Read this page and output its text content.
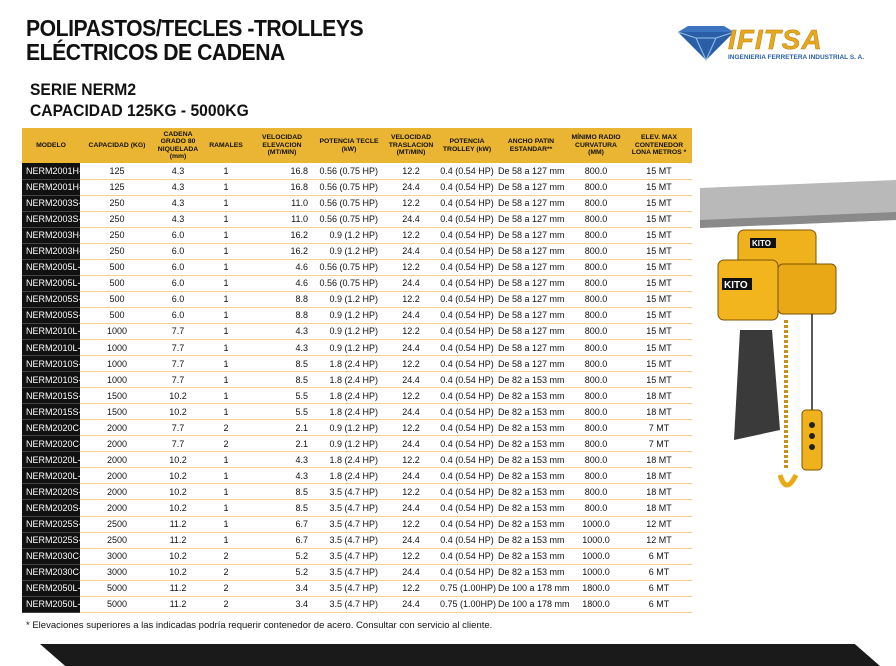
POLIPASTOS/TECLES -TROLLEYS
ELÉCTRICOS DE CADENA
SERIE NERM2
CAPACIDAD 125KG - 5000KG
IFITSA
INGENIERIA FERRETERA INDUSTRIAL S. A.
MODELO	CAPACIDAD (KG)	CADENA GRADO 80 NIQUELADA (mm)	RAMALES	VELOCIDAD ELEVACION (MT/MIN)	POTENCIA TECLE (kW)	VELOCIDAD TRASLACION (MT/MIN)	POTENCIA TROLLEY (kW)	ANCHO PATIN ESTANDAR**	MÍNIMO RADIO CURVATURA (MM)	ELEV. MAX CONTENEDOR LONA METROS *
NERM2001H-L	125	4.3	1	16.8	0.56 (0.75 HP)	12.2	0.4 (0.54 HP)	De 58 a 127 mm	800.0	15 MT
NERM2001H-S	125	4.3	1	16.8	0.56 (0.75 HP)	24.4	0.4 (0.54 HP)	De 58 a 127 mm	800.0	15 MT
NERM2003S-L	250	4.3	1	11.0	0.56 (0.75 HP)	12.2	0.4 (0.54 HP)	De 58 a 127 mm	800.0	15 MT
NERM2003S-S	250	4.3	1	11.0	0.56 (0.75 HP)	24.4	0.4 (0.54 HP)	De 58 a 127 mm	800.0	15 MT
NERM2003H-L	250	6.0	1	16.2	0.9 (1.2 HP)	12.2	0.4 (0.54 HP)	De 58 a 127 mm	800.0	15 MT
NERM2003H-S	250	6.0	1	16.2	0.9 (1.2 HP)	24.4	0.4 (0.54 HP)	De 58 a 127 mm	800.0	15 MT
NERM2005L-L	500	6.0	1	4.6	0.56 (0.75 HP)	12.2	0.4 (0.54 HP)	De 58 a 127 mm	800.0	15 MT
NERM2005L-S	500	6.0	1	4.6	0.56 (0.75 HP)	24.4	0.4 (0.54 HP)	De 58 a 127 mm	800.0	15 MT
NERM2005S-L	500	6.0	1	8.8	0.9 (1.2 HP)	12.2	0.4 (0.54 HP)	De 58 a 127 mm	800.0	15 MT
NERM2005S-S	500	6.0	1	8.8	0.9 (1.2 HP)	24.4	0.4 (0.54 HP)	De 58 a 127 mm	800.0	15 MT
NERM2010L-L	1000	7.7	1	4.3	0.9 (1.2 HP)	12.2	0.4 (0.54 HP)	De 58 a 127 mm	800.0	15 MT
NERM2010L-S	1000	7.7	1	4.3	0.9 (1.2 HP)	24.4	0.4 (0.54 HP)	De 58 a 127 mm	800.0	15 MT
NERM2010S-L	1000	7.7	1	8.5	1.8 (2.4 HP)	12.2	0.4 (0.54 HP)	De 58 a 127 mm	800.0	15 MT
NERM2010S-S	1000	7.7	1	8.5	1.8 (2.4 HP)	24.4	0.4 (0.54 HP)	De 82 a 153 mm	800.0	15 MT
NERM2015S-L	1500	10.2	1	5.5	1.8 (2.4 HP)	12.2	0.4 (0.54 HP)	De 82 a 153 mm	800.0	18 MT
NERM2015S-S	1500	10.2	1	5.5	1.8 (2.4 HP)	24.4	0.4 (0.54 HP)	De 82 a 153 mm	800.0	18 MT
NERM2020C-L	2000	7.7	2	2.1	0.9 (1.2 HP)	12.2	0.4 (0.54 HP)	De 82 a 153 mm	800.0	7 MT
NERM2020C-S	2000	7.7	2	2.1	0.9 (1.2 HP)	24.4	0.4 (0.54 HP)	De 82 a 153 mm	800.0	7 MT
NERM2020L-L	2000	10.2	1	4.3	1.8 (2.4 HP)	12.2	0.4 (0.54 HP)	De 82 a 153 mm	800.0	18 MT
NERM2020L-S	2000	10.2	1	4.3	1.8 (2.4 HP)	24.4	0.4 (0.54 HP)	De 82 a 153 mm	800.0	18 MT
NERM2020S-L	2000	10.2	1	8.5	3.5 (4.7 HP)	12.2	0.4 (0.54 HP)	De 82 a 153 mm	800.0	18 MT
NERM2020S-S	2000	10.2	1	8.5	3.5 (4.7 HP)	24.4	0.4 (0.54 HP)	De 82 a 153 mm	800.0	18 MT
NERM2025S-L	2500	11.2	1	6.7	3.5 (4.7 HP)	12.2	0.4 (0.54 HP)	De 82 a 153 mm	1000.0	12 MT
NERM2025S-S	2500	11.2	1	6.7	3.5 (4.7 HP)	24.4	0.4 (0.54 HP)	De 82 a 153 mm	1000.0	12 MT
NERM2030C-L	3000	10.2	2	5.2	3.5 (4.7 HP)	12.2	0.4 (0.54 HP)	De 82 a 153 mm	1000.0	6 MT
NERM2030C-S	3000	10.2	2	5.2	3.5 (4.7 HP)	24.4	0.4 (0.54 HP)	De 82 a 153 mm	1000.0	6 MT
NERM2050L-L	5000	11.2	2	3.4	3.5 (4.7 HP)	12.2	0.75 (1.00HP)	De 100 a 178 mm	1800.0	6 MT
NERM2050L-S	5000	11.2	2	3.4	3.5 (4.7 HP)	24.4	0.75 (1.00HP)	De 100 a 178 mm	1800.0	6 MT
KITO
KITO
* Elevaciones superiores a las indicadas podría requerir contenedor de acero. Consultar con servicio al cliente.
